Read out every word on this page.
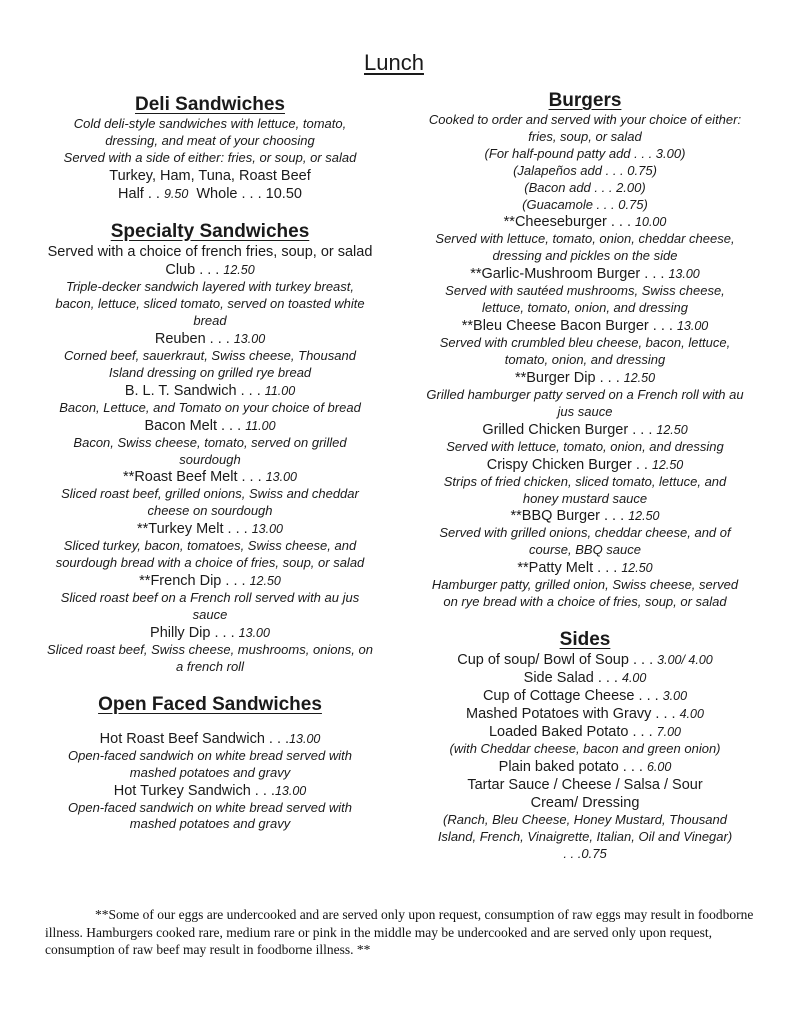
Lunch
Deli Sandwiches
Cold deli-style sandwiches with lettuce, tomato,
dressing, and meat of your choosing
Served with a side of either: fries, or soup, or salad
Turkey, Ham, Tuna, Roast Beef
Half . . 9.50 Whole . . . 10.50
Specialty Sandwiches
Served with a choice of french fries, soup, or salad
Club . . . 12.50
Triple-decker sandwich layered with turkey breast, bacon, lettuce, sliced tomato, served on toasted white bread
Reuben . . . 13.00
Corned beef, sauerkraut, Swiss cheese, Thousand Island dressing on grilled rye bread
B. L. T. Sandwich . . . 11.00
Bacon, Lettuce, and Tomato on your choice of bread
Bacon Melt . . . 11.00
Bacon, Swiss cheese, tomato, served on grilled sourdough
**Roast Beef Melt . . . 13.00
Sliced roast beef, grilled onions, Swiss and cheddar cheese on sourdough
**Turkey Melt . . . 13.00
Sliced turkey, bacon, tomatoes, Swiss cheese, and sourdough bread with a choice of fries, soup, or salad
**French Dip . . . 12.50
Sliced roast beef on a French roll served with au jus sauce
Philly Dip . . . 13.00
Sliced roast beef, Swiss cheese, mushrooms, onions, on a french roll
Open Faced Sandwiches
Hot Roast Beef Sandwich . . .13.00
Open-faced sandwich on white bread served with mashed potatoes and gravy
Hot Turkey Sandwich . . .13.00
Open-faced sandwich on white bread served with mashed potatoes and gravy
Burgers
Cooked to order and served with your choice of either: fries, soup, or salad
(For half-pound patty add . . . 3.00)
(Jalapeños add . . . 0.75)
(Bacon add . . . 2.00)
(Guacamole . . . 0.75)
**Cheeseburger . . . 10.00
Served with lettuce, tomato, onion, cheddar cheese, dressing and pickles on the side
**Garlic-Mushroom Burger . . . 13.00
Served with sautéed mushrooms, Swiss cheese, lettuce, tomato, onion, and dressing
**Bleu Cheese Bacon Burger . . . 13.00
Served with crumbled bleu cheese, bacon, lettuce, tomato, onion, and dressing
**Burger Dip . . . 12.50
Grilled hamburger patty served on a French roll with au jus sauce
Grilled Chicken Burger . . . 12.50
Served with lettuce, tomato, onion, and dressing
Crispy Chicken Burger . . 12.50
Strips of fried chicken, sliced tomato, lettuce, and honey mustard sauce
**BBQ Burger . . . 12.50
Served with grilled onions, cheddar cheese, and of course, BBQ sauce
**Patty Melt . . . 12.50
Hamburger patty, grilled onion, Swiss cheese, served on rye bread with a choice of fries, soup, or salad
Sides
Cup of soup/ Bowl of Soup . . . 3.00/ 4.00
Side Salad . . . 4.00
Cup of Cottage Cheese . . . 3.00
Mashed Potatoes with Gravy . . . 4.00
Loaded Baked Potato . . . 7.00
(with Cheddar cheese, bacon and green onion)
Plain baked potato . . . 6.00
Tartar Sauce / Cheese / Salsa / Sour Cream/ Dressing
(Ranch, Bleu Cheese, Honey Mustard, Thousand Island, French, Vinaigrette, Italian, Oil and Vinegar)
. . .0.75
**Some of our eggs are undercooked and are served only upon request, consumption of raw eggs may result in foodborne illness. Hamburgers cooked rare, medium rare or pink in the middle may be undercooked and are served only upon request, consumption of raw beef may result in foodborne illness. **
